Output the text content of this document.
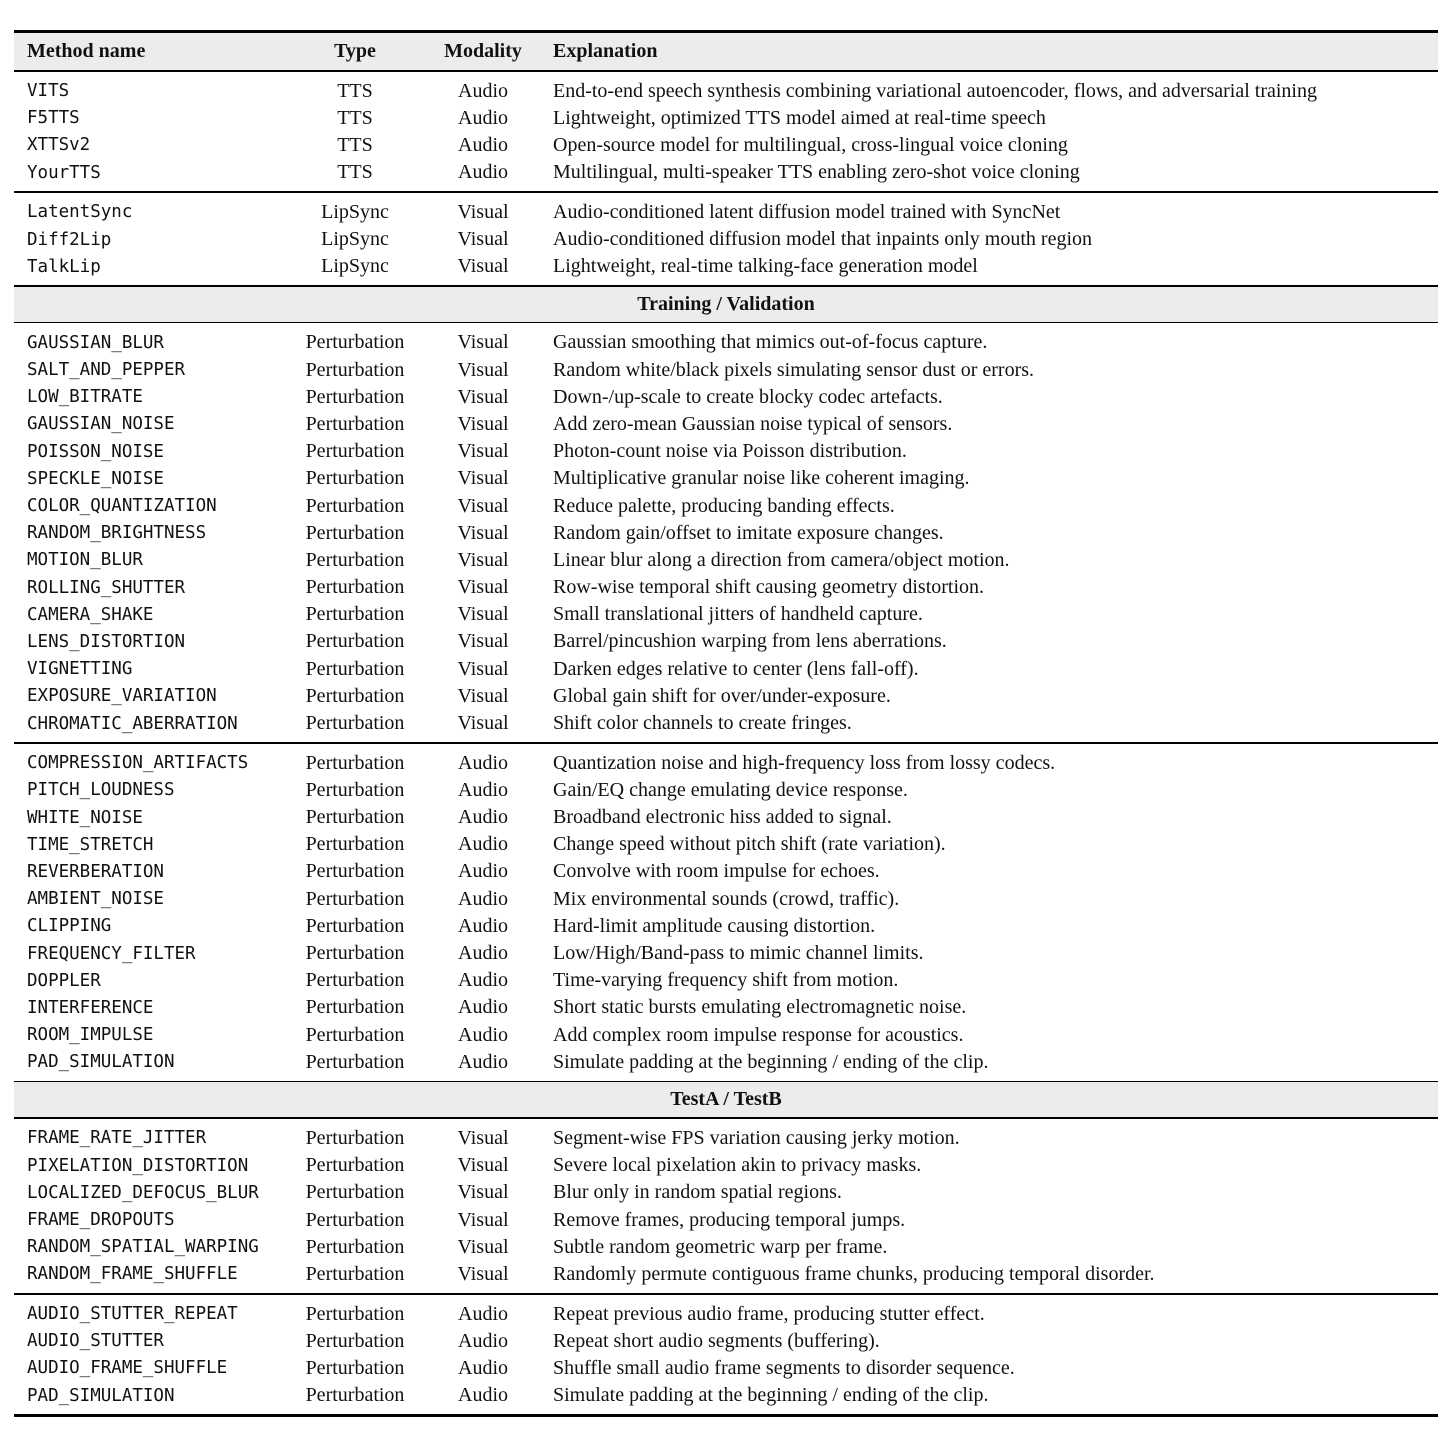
Method name	Type	Modality	Explanation
VITS	TTS	Audio	End-to-end speech synthesis combining variational autoencoder, flows, and adversarial training
F5TTS	TTS	Audio	Lightweight, optimized TTS model aimed at real-time speech
XTTSv2	TTS	Audio	Open-source model for multilingual, cross-lingual voice cloning
YourTTS	TTS	Audio	Multilingual, multi-speaker TTS enabling zero-shot voice cloning
LatentSync	LipSync	Visual	Audio-conditioned latent diffusion model trained with SyncNet
Diff2Lip	LipSync	Visual	Audio-conditioned diffusion model that inpaints only mouth region
TalkLip	LipSync	Visual	Lightweight, real-time talking-face generation model
Training / Validation
GAUSSIAN_BLUR	Perturbation	Visual	Gaussian smoothing that mimics out-of-focus capture.
SALT_AND_PEPPER	Perturbation	Visual	Random white/black pixels simulating sensor dust or errors.
LOW_BITRATE	Perturbation	Visual	Down-/up-scale to create blocky codec artefacts.
GAUSSIAN_NOISE	Perturbation	Visual	Add zero-mean Gaussian noise typical of sensors.
POISSON_NOISE	Perturbation	Visual	Photon-count noise via Poisson distribution.
SPECKLE_NOISE	Perturbation	Visual	Multiplicative granular noise like coherent imaging.
COLOR_QUANTIZATION	Perturbation	Visual	Reduce palette, producing banding effects.
RANDOM_BRIGHTNESS	Perturbation	Visual	Random gain/offset to imitate exposure changes.
MOTION_BLUR	Perturbation	Visual	Linear blur along a direction from camera/object motion.
ROLLING_SHUTTER	Perturbation	Visual	Row-wise temporal shift causing geometry distortion.
CAMERA_SHAKE	Perturbation	Visual	Small translational jitters of handheld capture.
LENS_DISTORTION	Perturbation	Visual	Barrel/pincushion warping from lens aberrations.
VIGNETTING	Perturbation	Visual	Darken edges relative to center (lens fall-off).
EXPOSURE_VARIATION	Perturbation	Visual	Global gain shift for over/under-exposure.
CHROMATIC_ABERRATION	Perturbation	Visual	Shift color channels to create fringes.
COMPRESSION_ARTIFACTS	Perturbation	Audio	Quantization noise and high-frequency loss from lossy codecs.
PITCH_LOUDNESS	Perturbation	Audio	Gain/EQ change emulating device response.
WHITE_NOISE	Perturbation	Audio	Broadband electronic hiss added to signal.
TIME_STRETCH	Perturbation	Audio	Change speed without pitch shift (rate variation).
REVERBERATION	Perturbation	Audio	Convolve with room impulse for echoes.
AMBIENT_NOISE	Perturbation	Audio	Mix environmental sounds (crowd, traffic).
CLIPPING	Perturbation	Audio	Hard-limit amplitude causing distortion.
FREQUENCY_FILTER	Perturbation	Audio	Low/High/Band-pass to mimic channel limits.
DOPPLER	Perturbation	Audio	Time-varying frequency shift from motion.
INTERFERENCE	Perturbation	Audio	Short static bursts emulating electromagnetic noise.
ROOM_IMPULSE	Perturbation	Audio	Add complex room impulse response for acoustics.
PAD_SIMULATION	Perturbation	Audio	Simulate padding at the beginning / ending of the clip.
TestA / TestB
FRAME_RATE_JITTER	Perturbation	Visual	Segment-wise FPS variation causing jerky motion.
PIXELATION_DISTORTION	Perturbation	Visual	Severe local pixelation akin to privacy masks.
LOCALIZED_DEFOCUS_BLUR	Perturbation	Visual	Blur only in random spatial regions.
FRAME_DROPOUTS	Perturbation	Visual	Remove frames, producing temporal jumps.
RANDOM_SPATIAL_WARPING	Perturbation	Visual	Subtle random geometric warp per frame.
RANDOM_FRAME_SHUFFLE	Perturbation	Visual	Randomly permute contiguous frame chunks, producing temporal disorder.
AUDIO_STUTTER_REPEAT	Perturbation	Audio	Repeat previous audio frame, producing stutter effect.
AUDIO_STUTTER	Perturbation	Audio	Repeat short audio segments (buffering).
AUDIO_FRAME_SHUFFLE	Perturbation	Audio	Shuffle small audio frame segments to disorder sequence.
PAD_SIMULATION	Perturbation	Audio	Simulate padding at the beginning / ending of the clip.
